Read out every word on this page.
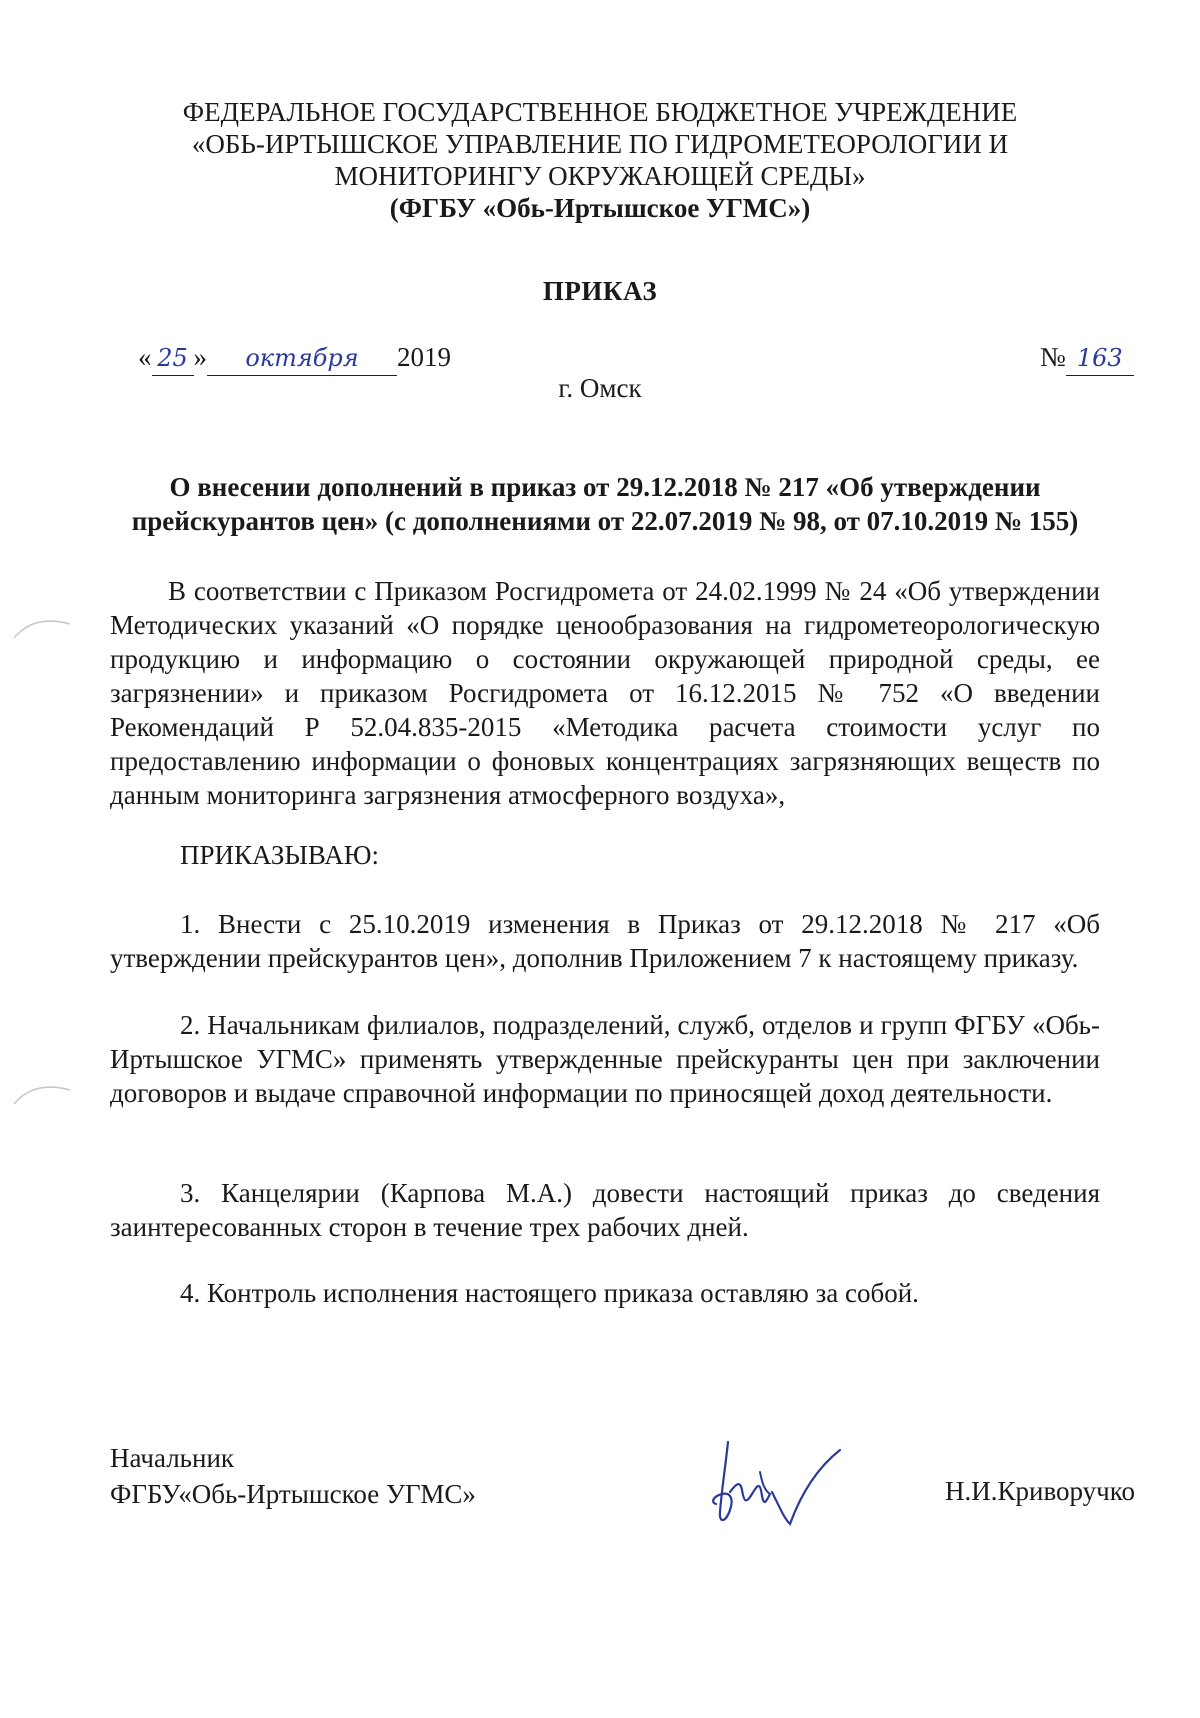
ФЕДЕРАЛЬНОЕ ГОСУДАРСТВЕННОЕ БЮДЖЕТНОЕ УЧРЕЖДЕНИЕ
«ОБЬ-ИРТЫШСКОЕ УПРАВЛЕНИЕ ПО ГИДРОМЕТЕОРОЛОГИИ И
МОНИТОРИНГУ ОКРУЖАЮЩЕЙ СРЕДЫ»
(ФГБУ «Обь-Иртышское УГМС»)
ПРИКАЗ
« 25 » октября 2019	№ 163
г. Омск
О внесении дополнений в приказ от 29.12.2018 № 217 «Об утверждении прейскурантов цен» (с дополнениями от 22.07.2019 № 98, от 07.10.2019 № 155)
В соответствии с Приказом Росгидромета от 24.02.1999 № 24 «Об утверждении Методических указаний «О порядке ценообразования на гидрометеорологическую продукцию и информацию о состоянии окружающей природной среды, ее загрязнении» и приказом Росгидромета от 16.12.2015 № 752 «О введении Рекомендаций Р 52.04.835-2015 «Методика расчета стоимости услуг по предоставлению информации о фоновых концентрациях загрязняющих веществ по данным мониторинга загрязнения атмосферного воздуха»,
ПРИКАЗЫВАЮ:
1. Внести с 25.10.2019 изменения в Приказ от 29.12.2018 № 217 «Об утверждении прейскурантов цен», дополнив Приложением 7 к настоящему приказу.
2. Начальникам филиалов, подразделений, служб, отделов и групп ФГБУ «Обь-Иртышское УГМС» применять утвержденные прейскуранты цен при заключении договоров и выдаче справочной информации по приносящей доход деятельности.
3. Канцелярии (Карпова М.А.) довести настоящий приказ до сведения заинтересованных сторон в течение трех рабочих дней.
4. Контроль исполнения настоящего приказа оставляю за собой.
Начальник
ФГБУ«Обь-Иртышское УГМС»	Н.И.Криворучко
